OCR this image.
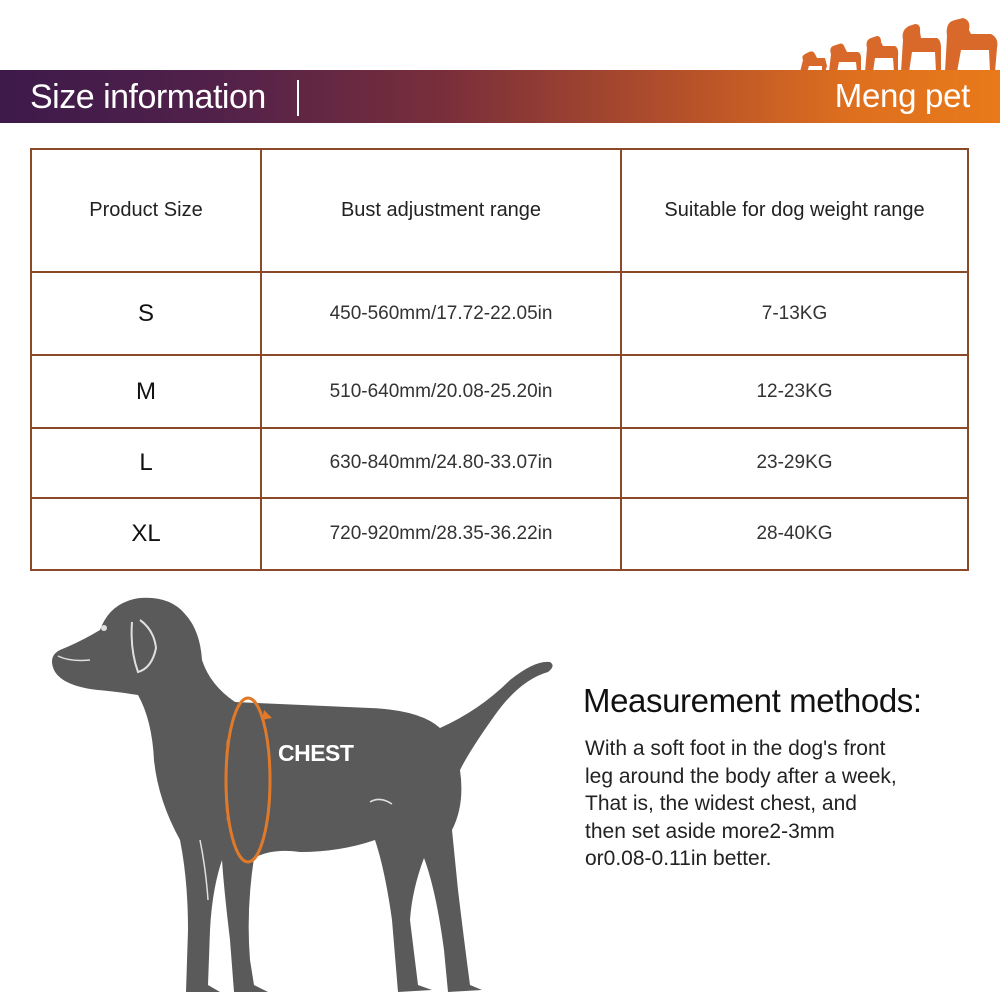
Size information	Meng pet
Product Size	Bust adjustment range	Suitable for dog weight range
S	450-560mm/17.72-22.05in	7-13KG
M	510-640mm/20.08-25.20in	12-23KG
L	630-840mm/24.80-33.07in	23-29KG
XL	720-920mm/28.35-36.22in	28-40KG
CHEST
Measurement methods:
With a soft foot in the dog's front
leg around the body after a week,
That is, the widest chest, and
then set aside more2-3mm
or0.08-0.11in better.
